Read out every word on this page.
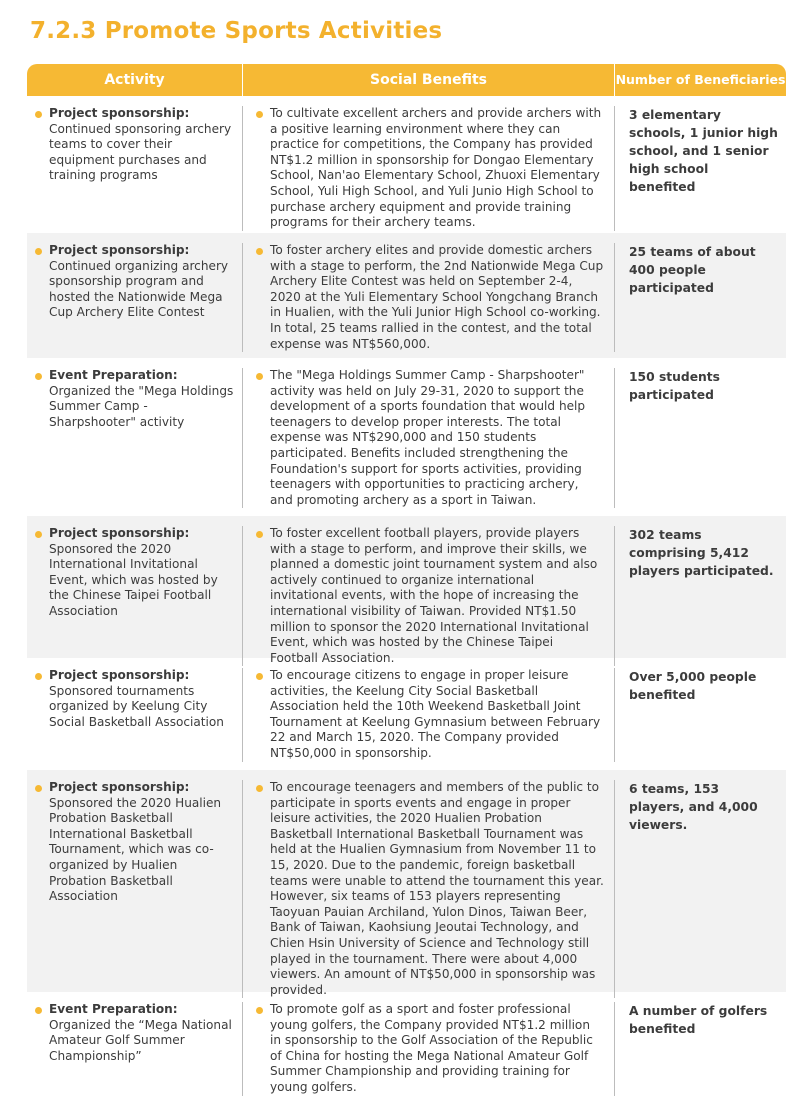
7.2.3 Promote Sports Activities
Activity	Social Benefits	Number of Beneficiaries
Project sponsorship:
Continued sponsoring archery teams to cover their equipment purchases and training programs
To cultivate excellent archers and provide archers with a positive learning environment where they can practice for competitions, the Company has provided NT$1.2 million in sponsorship for Dongao Elementary School, Nan'ao Elementary School, Zhuoxi Elementary School, Yuli High School, and Yuli Junio High School to purchase archery equipment and provide training programs for their archery teams.
3 elementary schools, 1 junior high school, and 1 senior high school benefited
Project sponsorship:
Continued organizing archery sponsorship program and hosted the Nationwide Mega Cup Archery Elite Contest
To foster archery elites and provide domestic archers with a stage to perform, the 2nd Nationwide Mega Cup Archery Elite Contest was held on September 2-4, 2020 at the Yuli Elementary School Yongchang Branch in Hualien, with the Yuli Junior High School co-working. In total, 25 teams rallied in the contest, and the total expense was NT$560,000.
25 teams of about 400 people participated
Event Preparation:
Organized the "Mega Holdings Summer Camp - Sharpshooter" activity
The "Mega Holdings Summer Camp - Sharpshooter" activity was held on July 29-31, 2020 to support the development of a sports foundation that would help teenagers to develop proper interests. The total expense was NT$290,000 and 150 students participated. Benefits included strengthening the Foundation's support for sports activities, providing teenagers with opportunities to practicing archery, and promoting archery as a sport in Taiwan.
150 students participated
Project sponsorship:
Sponsored the 2020 International Invitational Event, which was hosted by the Chinese Taipei Football Association
To foster excellent football players, provide players with a stage to perform, and improve their skills, we planned a domestic joint tournament system and also actively continued to organize international invitational events, with the hope of increasing the international visibility of Taiwan. Provided NT$1.50 million to sponsor the 2020 International Invitational Event, which was hosted by the Chinese Taipei Football Association.
302 teams comprising 5,412 players participated.
Project sponsorship:
Sponsored tournaments organized by Keelung City Social Basketball Association
To encourage citizens to engage in proper leisure activities, the Keelung City Social Basketball Association held the 10th Weekend Basketball Joint Tournament at Keelung Gymnasium between February 22 and March 15, 2020. The Company provided NT$50,000 in sponsorship.
Over 5,000 people benefited
Project sponsorship:
Sponsored the 2020 Hualien Probation Basketball International Basketball Tournament, which was co-organized by Hualien Probation Basketball Association
To encourage teenagers and members of the public to participate in sports events and engage in proper leisure activities, the 2020 Hualien Probation Basketball International Basketball Tournament was held at the Hualien Gymnasium from November 11 to 15, 2020. Due to the pandemic, foreign basketball teams were unable to attend the tournament this year. However, six teams of 153 players representing Taoyuan Pauian Archiland, Yulon Dinos, Taiwan Beer, Bank of Taiwan, Kaohsiung Jeoutai Technology, and Chien Hsin University of Science and Technology still played in the tournament. There were about 4,000 viewers. An amount of NT$50,000 in sponsorship was provided.
6 teams, 153 players, and 4,000 viewers.
Event Preparation:
Organized the “Mega National Amateur Golf Summer Championship”
To promote golf as a sport and foster professional young golfers, the Company provided NT$1.2 million in sponsorship to the Golf Association of the Republic of China for hosting the Mega National Amateur Golf Summer Championship and providing training for young golfers.
A number of golfers benefited
